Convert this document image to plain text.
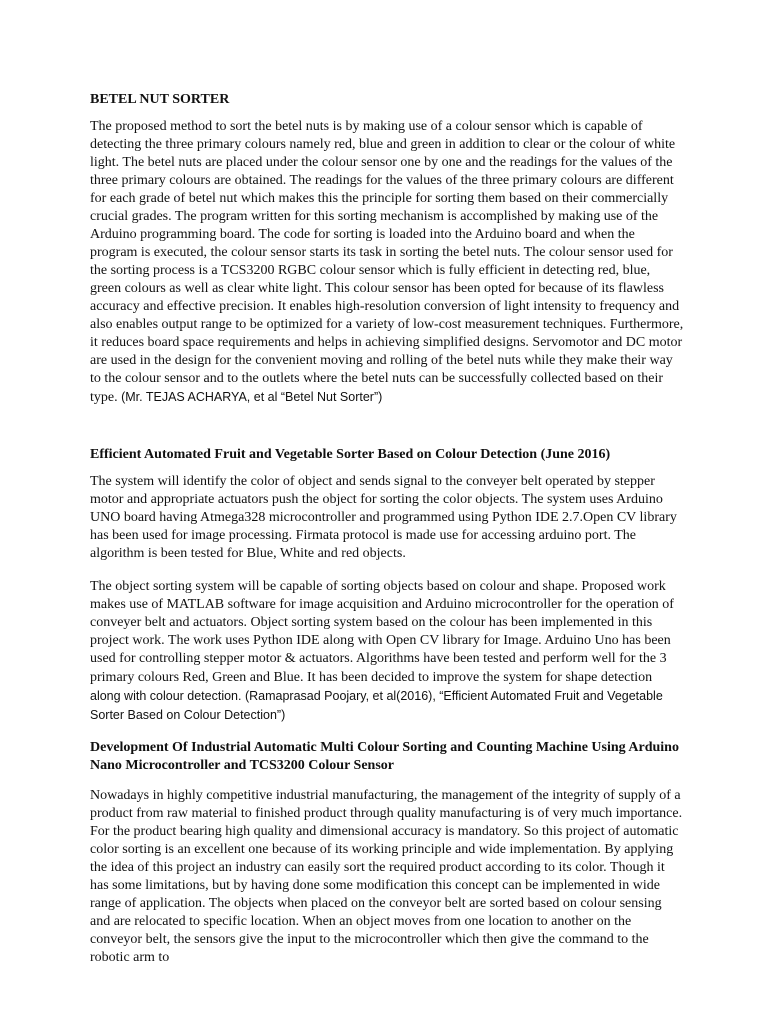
BETEL NUT SORTER

The proposed method to sort the betel nuts is by making use of a colour sensor which is capable of detecting the three primary colours namely red, blue and green in addition to clear or the colour of white light. The betel nuts are placed under the colour sensor one by one and the readings for the values of the three primary colours are obtained. The readings for the values of the three primary colours are different for each grade of betel nut which makes this the principle for sorting them based on their commercially crucial grades. The program written for this sorting mechanism is accomplished by making use of the Arduino programming board. The code for sorting is loaded into the Arduino board and when the program is executed, the colour sensor starts its task in sorting the betel nuts. The colour sensor used for the sorting process is a TCS3200 RGBC colour sensor which is fully efficient in detecting red, blue, green colours as well as clear white light. This colour sensor has been opted for because of its flawless accuracy and effective precision. It enables high-resolution conversion of light intensity to frequency and also enables output range to be optimized for a variety of low-cost measurement techniques. Furthermore, it reduces board space requirements and helps in achieving simplified designs. Servomotor and DC motor are used in the design for the convenient moving and rolling of the betel nuts while they make their way to the colour sensor and to the outlets where the betel nuts can be successfully collected based on their type. (Mr. TEJAS ACHARYA, et al “Betel Nut Sorter”)

Efficient Automated Fruit and Vegetable Sorter Based on Colour Detection (June 2016)

The system will identify the color of object and sends signal to the conveyer belt operated by stepper motor and appropriate actuators push the object for sorting the color objects. The system uses Arduino UNO board having Atmega328 microcontroller and programmed using Python IDE 2.7.Open CV library has been used for image processing. Firmata protocol is made use for accessing arduino port. The algorithm is been tested for Blue, White and red objects.

The object sorting system will be capable of sorting objects based on colour and shape. Proposed work makes use of MATLAB software for image acquisition and Arduino microcontroller for the operation of conveyer belt and actuators. Object sorting system based on the colour has been implemented in this project work. The work uses Python IDE along with Open CV library for Image. Arduino Uno has been used for controlling stepper motor & actuators. Algorithms have been tested and perform well for the 3 primary colours Red, Green and Blue. It has been decided to improve the system for shape detection along with colour detection. (Ramaprasad Poojary, et al(2016), “Efficient Automated Fruit and Vegetable Sorter Based on Colour Detection”)

Development Of Industrial Automatic Multi Colour Sorting and Counting Machine Using Arduino Nano Microcontroller and TCS3200 Colour Sensor

Nowadays in highly competitive industrial manufacturing, the management of the integrity of supply of a product from raw material to finished product through quality manufacturing is of very much importance. For the product bearing high quality and dimensional accuracy is mandatory. So this project of automatic color sorting is an excellent one because of its working principle and wide implementation. By applying the idea of this project an industry can easily sort the required product according to its color. Though it has some limitations, but by having done some modification this concept can be implemented in wide range of application. The objects when placed on the conveyor belt are sorted based on colour sensing and are relocated to specific location. When an object moves from one location to another on the conveyor belt, the sensors give the input to the microcontroller which then give the command to the robotic arm to
